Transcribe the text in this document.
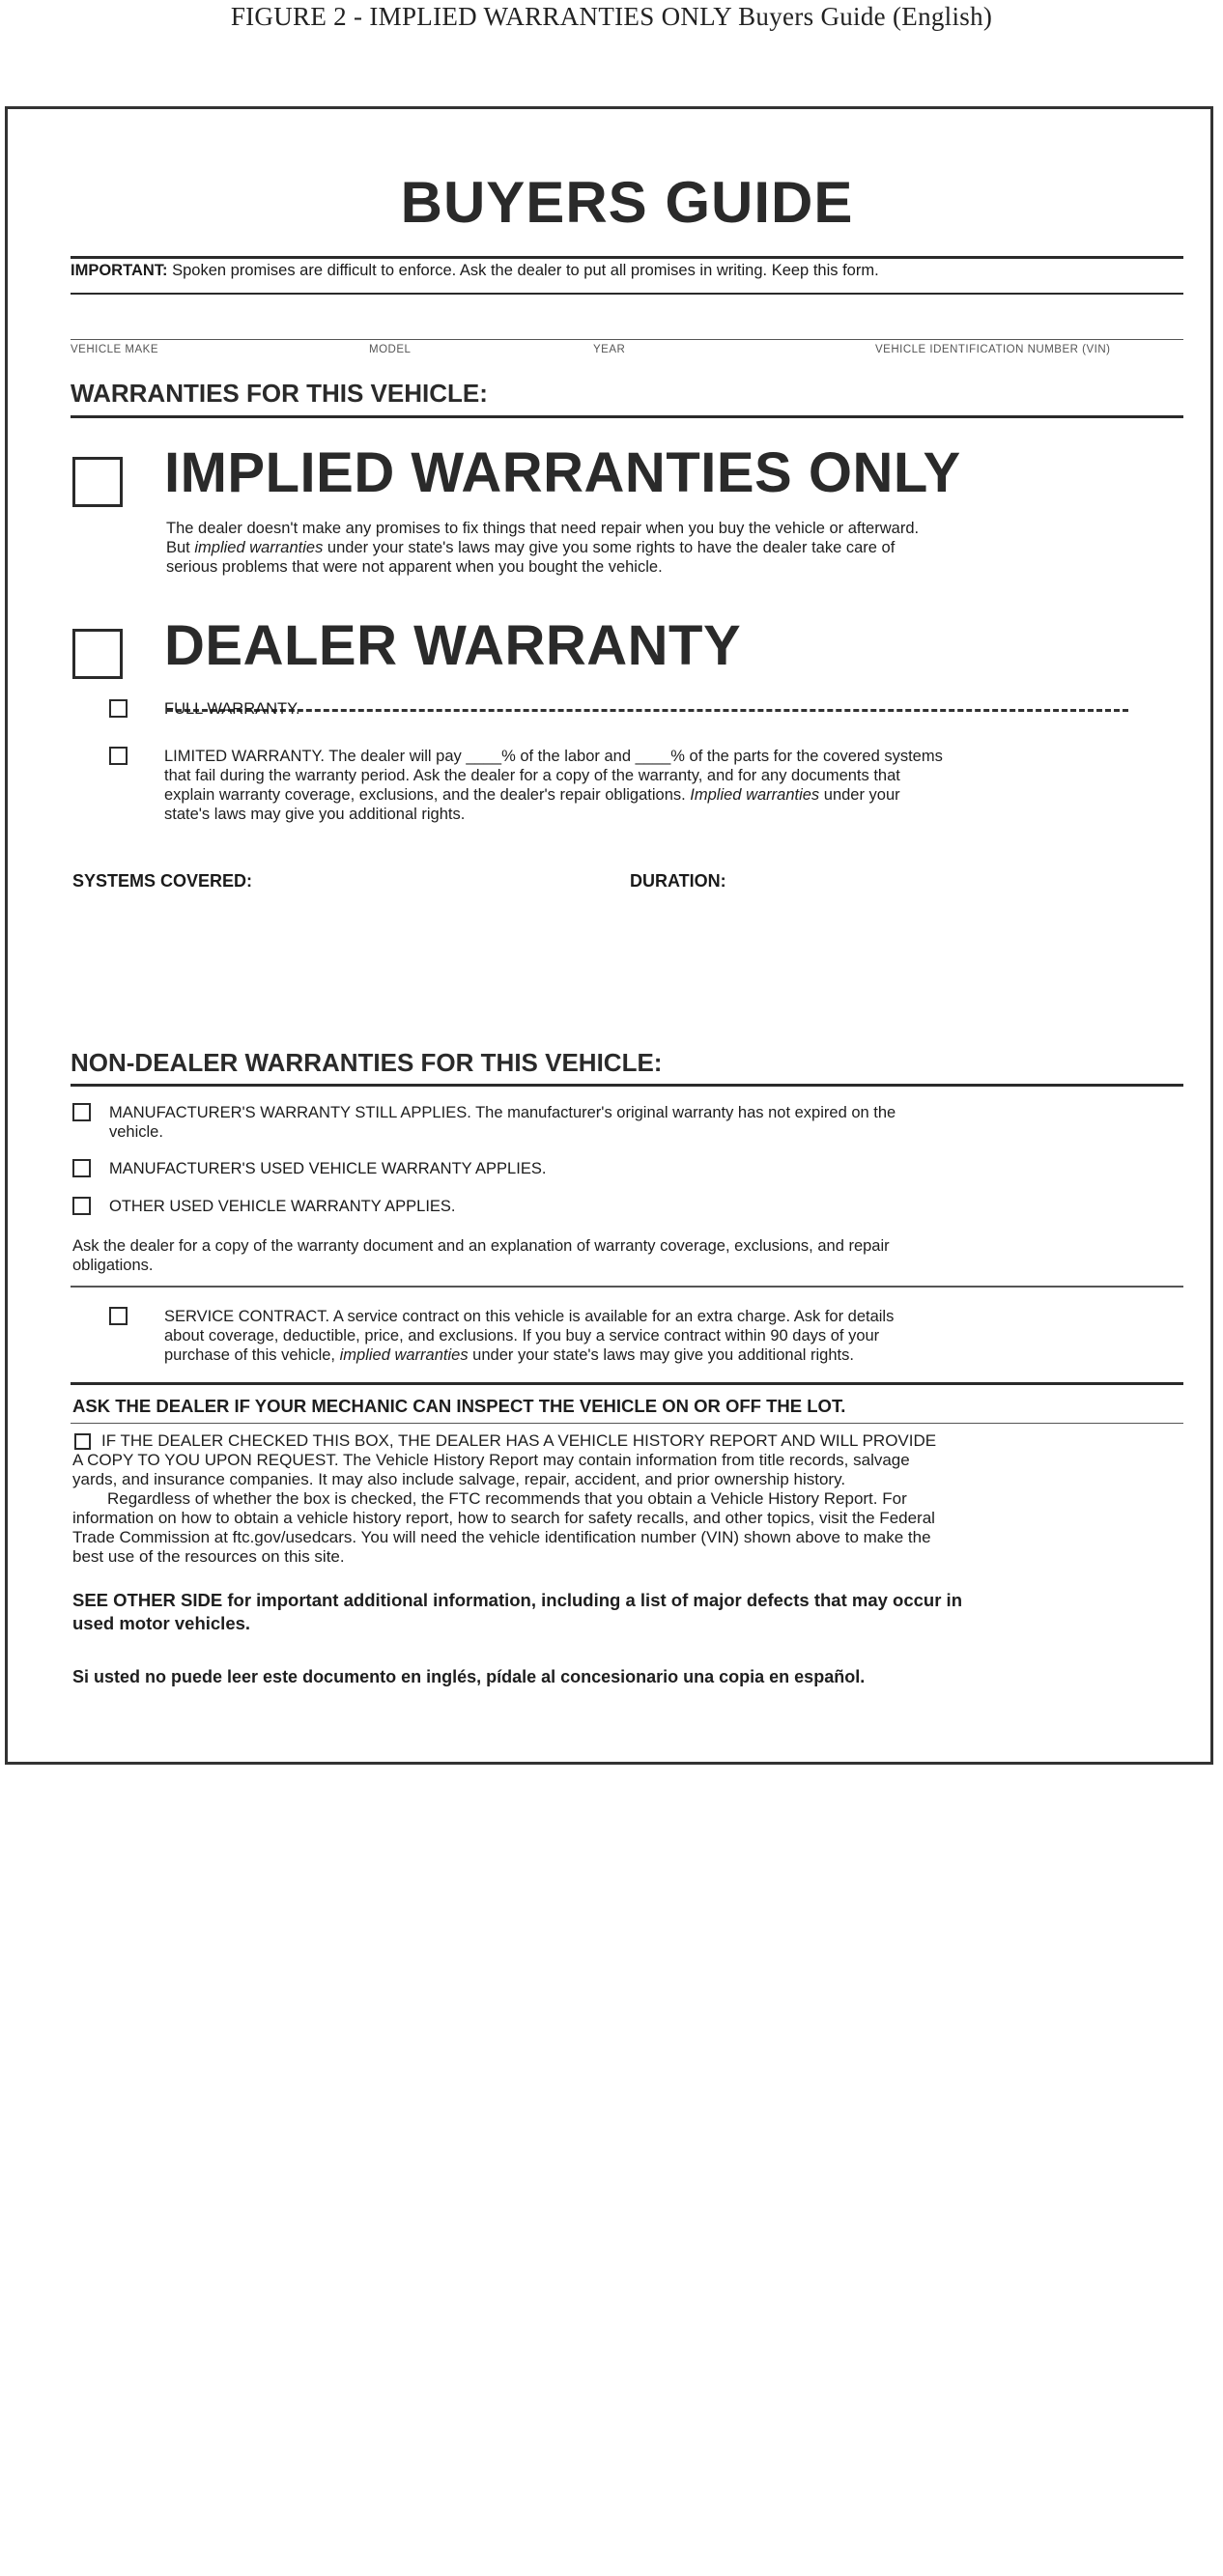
FIGURE 2 - IMPLIED WARRANTIES ONLY Buyers Guide (English)
BUYERS GUIDE
IMPORTANT: Spoken promises are difficult to enforce. Ask the dealer to put all promises in writing. Keep this form.
VEHICLE MAKE	MODEL	YEAR	VEHICLE IDENTIFICATION NUMBER (VIN)
WARRANTIES FOR THIS VEHICLE:
IMPLIED WARRANTIES ONLY
The dealer doesn't make any promises to fix things that need repair when you buy the vehicle or afterward.
But implied warranties under your state's laws may give you some rights to have the dealer take care of
serious problems that were not apparent when you bought the vehicle.
DEALER WARRANTY
FULL WARRANTY.
LIMITED WARRANTY. The dealer will pay ____% of the labor and ____% of the parts for the covered systems
that fail during the warranty period. Ask the dealer for a copy of the warranty, and for any documents that
explain warranty coverage, exclusions, and the dealer's repair obligations. Implied warranties under your
state's laws may give you additional rights.
SYSTEMS COVERED:	DURATION:
NON-DEALER WARRANTIES FOR THIS VEHICLE:
MANUFACTURER'S WARRANTY STILL APPLIES. The manufacturer's original warranty has not expired on the
vehicle.
MANUFACTURER'S USED VEHICLE WARRANTY APPLIES.
OTHER USED VEHICLE WARRANTY APPLIES.
Ask the dealer for a copy of the warranty document and an explanation of warranty coverage, exclusions, and repair
obligations.
SERVICE CONTRACT. A service contract on this vehicle is available for an extra charge. Ask for details
about coverage, deductible, price, and exclusions. If you buy a service contract within 90 days of your
purchase of this vehicle, implied warranties under your state's laws may give you additional rights.
ASK THE DEALER IF YOUR MECHANIC CAN INSPECT THE VEHICLE ON OR OFF THE LOT.
IF THE DEALER CHECKED THIS BOX, THE DEALER HAS A VEHICLE HISTORY REPORT AND WILL PROVIDE
A COPY TO YOU UPON REQUEST. The Vehicle History Report may contain information from title records, salvage
yards, and insurance companies. It may also include salvage, repair, accident, and prior ownership history.
Regardless of whether the box is checked, the FTC recommends that you obtain a Vehicle History Report. For
information on how to obtain a vehicle history report, how to search for safety recalls, and other topics, visit the Federal
Trade Commission at ftc.gov/usedcars. You will need the vehicle identification number (VIN) shown above to make the
best use of the resources on this site.
SEE OTHER SIDE for important additional information, including a list of major defects that may occur in
used motor vehicles.
Si usted no puede leer este documento en inglés, pídale al concesionario una copia en español.
